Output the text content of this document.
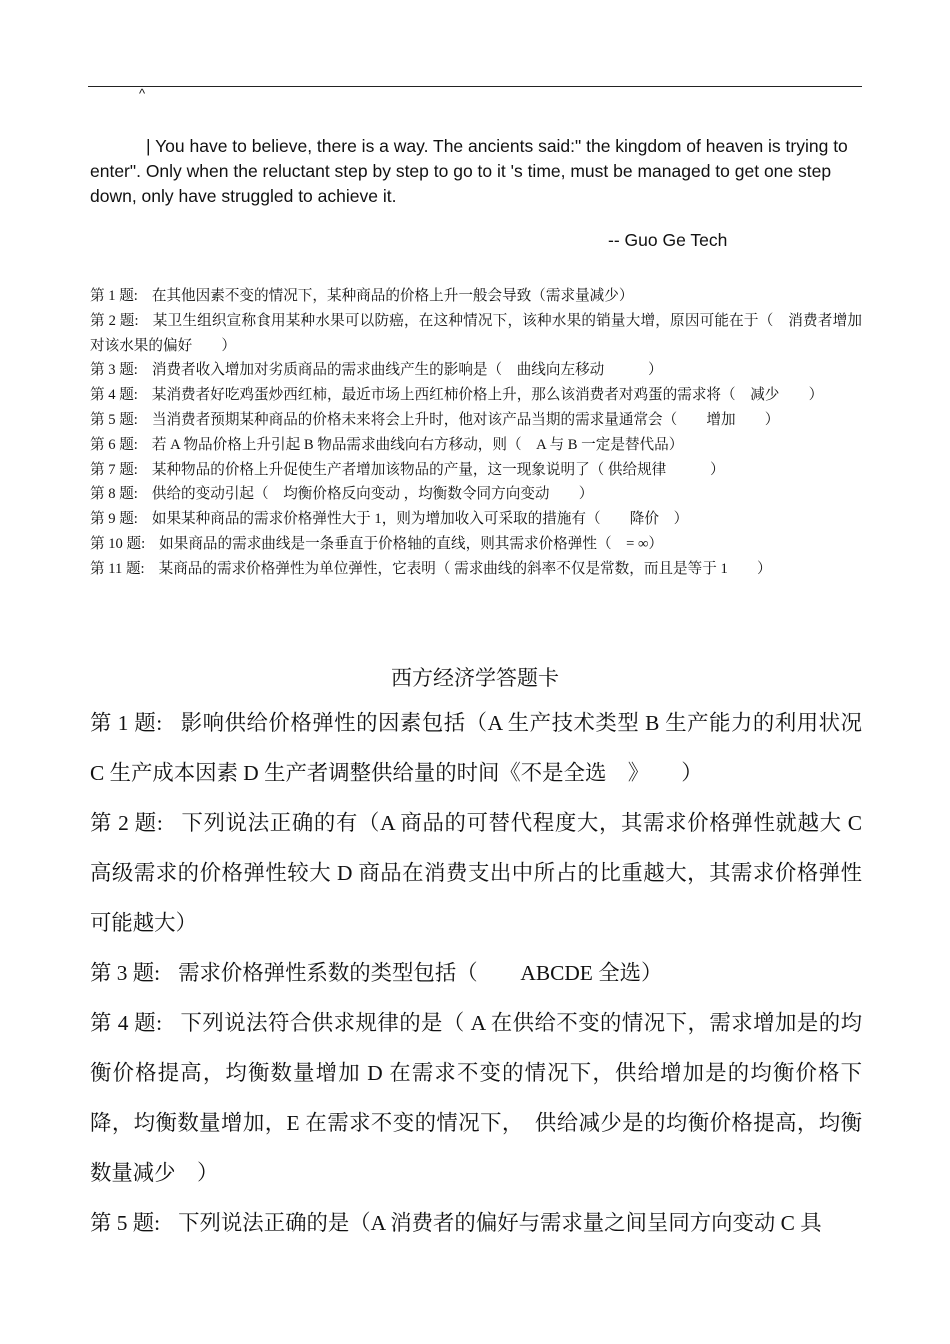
^
| You have to believe, there is a way. The ancients said:" the kingdom of heaven is trying to enter". Only when the reluctant step by step to go to it 's time, must be managed to get one step down, only have struggled to achieve it.
-- Guo Ge Tech
第 1 题: 在其他因素不变的情况下，某种商品的价格上升一般会导致（需求量减少）
第 2 题: 某卫生组织宣称食用某种水果可以防癌，在这种情况下，该种水果的销量大增，原因可能在于（　消费者增加对该水果的偏好　　）
第 3 题: 消费者收入增加对劣质商品的需求曲线产生的影响是（　曲线向左移动　　　）
第 4 题: 某消费者好吃鸡蛋炒西红柿，最近市场上西红柿价格上升，那么该消费者对鸡蛋的需求将（　减少　　）
第 5 题: 当消费者预期某种商品的价格未来将会上升时，他对该产品当期的需求量通常会（　　增加　　）
第 6 题: 若 A 物品价格上升引起 B 物品需求曲线向右方移动，则（　A 与 B 一定是替代品）
第 7 题: 某种物品的价格上升促使生产者增加该物品的产量，这一现象说明了（ 供给规律　　　）
第 8 题: 供给的变动引起（　均衡价格反向变动 ，均衡数令同方向变动　　）
第 9 题: 如果某种商品的需求价格弹性大于 1，则为增加收入可采取的措施有（　　降价　）
第 10 题: 如果商品的需求曲线是一条垂直于价格轴的直线，则其需求价格弹性（　= ∞）
第 11 题: 某商品的需求价格弹性为单位弹性，它表明（ 需求曲线的斜率不仅是常数，而且是等于 1　　）
西方经济学答题卡
第 1 题: 影响供给价格弹性的因素包括（A 生产技术类型 B 生产能力的利用状况 C 生产成本因素 D 生产者调整供给量的时间《不是全选　》　　）
第 2 题: 下列说法正确的有（A 商品的可替代程度大，其需求价格弹性就越大 C 高级需求的价格弹性较大 D 商品在消费支出中所占的比重越大，其需求价格弹性可能越大）
第 3 题: 需求价格弹性系数的类型包括（　　ABCDE 全选）
第 4 题: 下列说法符合供求规律的是（ A 在供给不变的情况下，需求增加是的均衡价格提高，均衡数量增加 D 在需求不变的情况下，供给增加是的均衡价格下降，均衡数量增加，E 在需求不变的情况下，　供给减少是的均衡价格提高，均衡数量减少　）
第 5 题: 下列说法正确的是（A 消费者的偏好与需求量之间呈同方向变动 C 具
